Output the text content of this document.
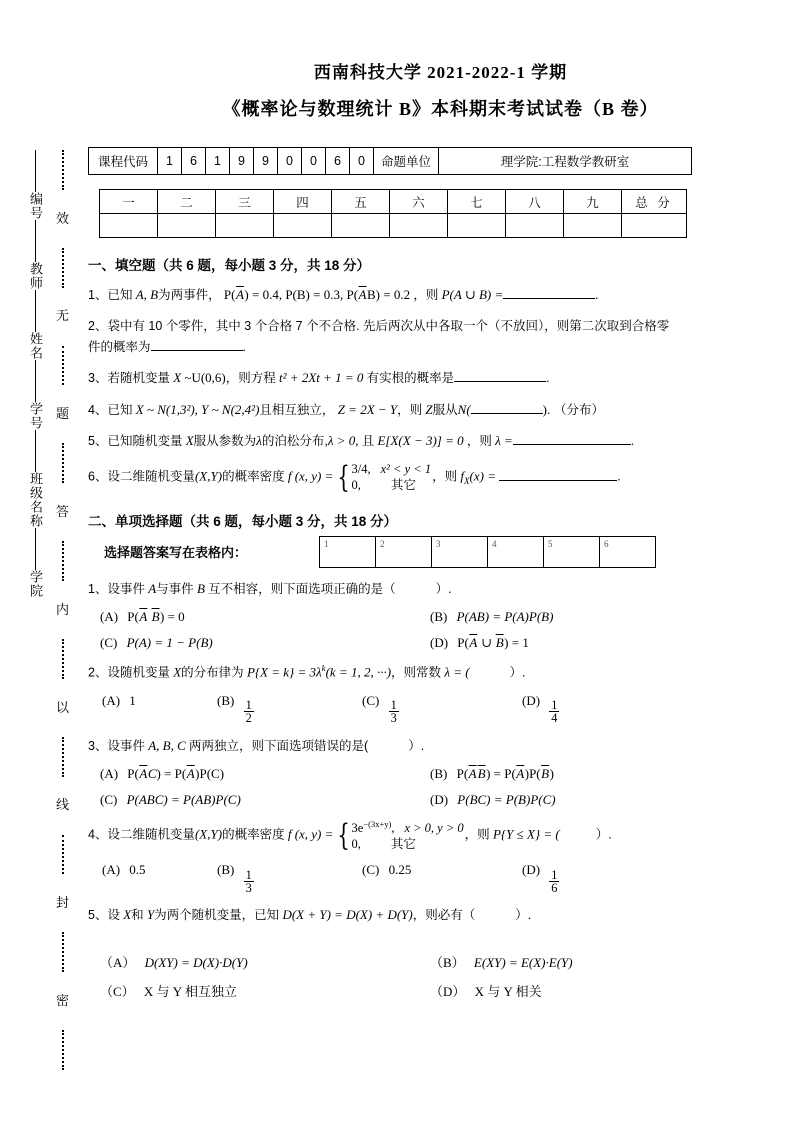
编号
教师
姓名
学号
班级名称
学院
效
无
题
答
内
以
线
封
密
西南科技大学 2021-2022-1 学期
《概率论与数理统计 B》本科期末考试试卷（B 卷）
课程代码	1	6	1	9	9	0	0	6	0	命题单位	理学院:工程数学教研室
一	二	三	四	五	六	七	八	九	总 分

一、填空题（共 6 题，每小题 3 分，共 18 分）
1、已知 A, B为两事件， $P(\overline{A}) = 0.4$, P(B) = 0.3, $P(\overline{A}B) = 0.2$ ，则 P(A ∪ B) =	.
2、袋中有 10 个零件，其中 3 个合格 7 个不合格. 先后两次从中各取一个（不放回），则第二次取到合格零
件的概率为	.
3、若随机变量 X ~U(0,6)，则方程 t² + 2Xt + 1 = 0 有实根的概率是	.
4、已知 X ~ N(1,3²), Y ~ N(2,4²)且相互独立， Z = 2X − Y，则 Z服从N(	). （分布）
5、已知随机变量 X服从参数为λ的泊松分布,λ > 0, 且 E[X(X − 3)] = 0 ，则 λ =	.
6、设二维随机变量(X,Y)的概率密度 f (x, y) = { 3/4, x² < y < 1
0, 其它
，则 $f_X(x)$ =	.
二、单项选择题（共 6 题，每小题 3 分，共 18 分）
选择题答案写在表格内：
1	2	3	4	5	6
1、设事件 A与事件 B 互不相容，则下面选项正确的是（	）.
(A) $P(\overline{A}$ $\overline{B}) = 0$	(B) P(AB) = P(A)P(B)
(C) P(A) = 1 − P(B)	(D) $P(\overline{A}$ ∪ $\overline{B}) = 1$
2、设随机变量 X的分布律为 $P\{X = k\} = 3\lambda^k(k = 1$, 2, ···)，则常数 λ = (	）.
(A) 1	$(B) \frac{1}{2}$	$(C) \frac{1}{3}$	$(D) \frac{1}{4}$
3、设事件 A, B, C 两两独立，则下面选项错误的是(	）.
(A) $P(\overline{A}C) = P(\overline{A})P(C)$	(B) $P(\overline{A}\overline{B}) = P(\overline{A})P(\overline{B})$
(C) P(ABC) = P(AB)P(C)	(D) P(BC) = P(B)P(C)
4、设二维随机变量(X,Y)的概率密度 f (x, y) = { $3e^{-(3x+y)}$, x > 0, y > 0
0, 其它
，则 P{Y ≤ X} = (	）.
(A) 0.5	$(B) \frac{1}{3}$	(C) 0.25	$(D) \frac{1}{6}$
5、设 X和 Y为两个随机变量，已知 D(X + Y) = D(X) + D(Y)，则必有（	）.
（A） D(XY) = D(X)·D(Y)	（B） E(XY) = E(X)·E(Y)
（C） X 与 Y 相互独立	（D） X 与 Y 相关
